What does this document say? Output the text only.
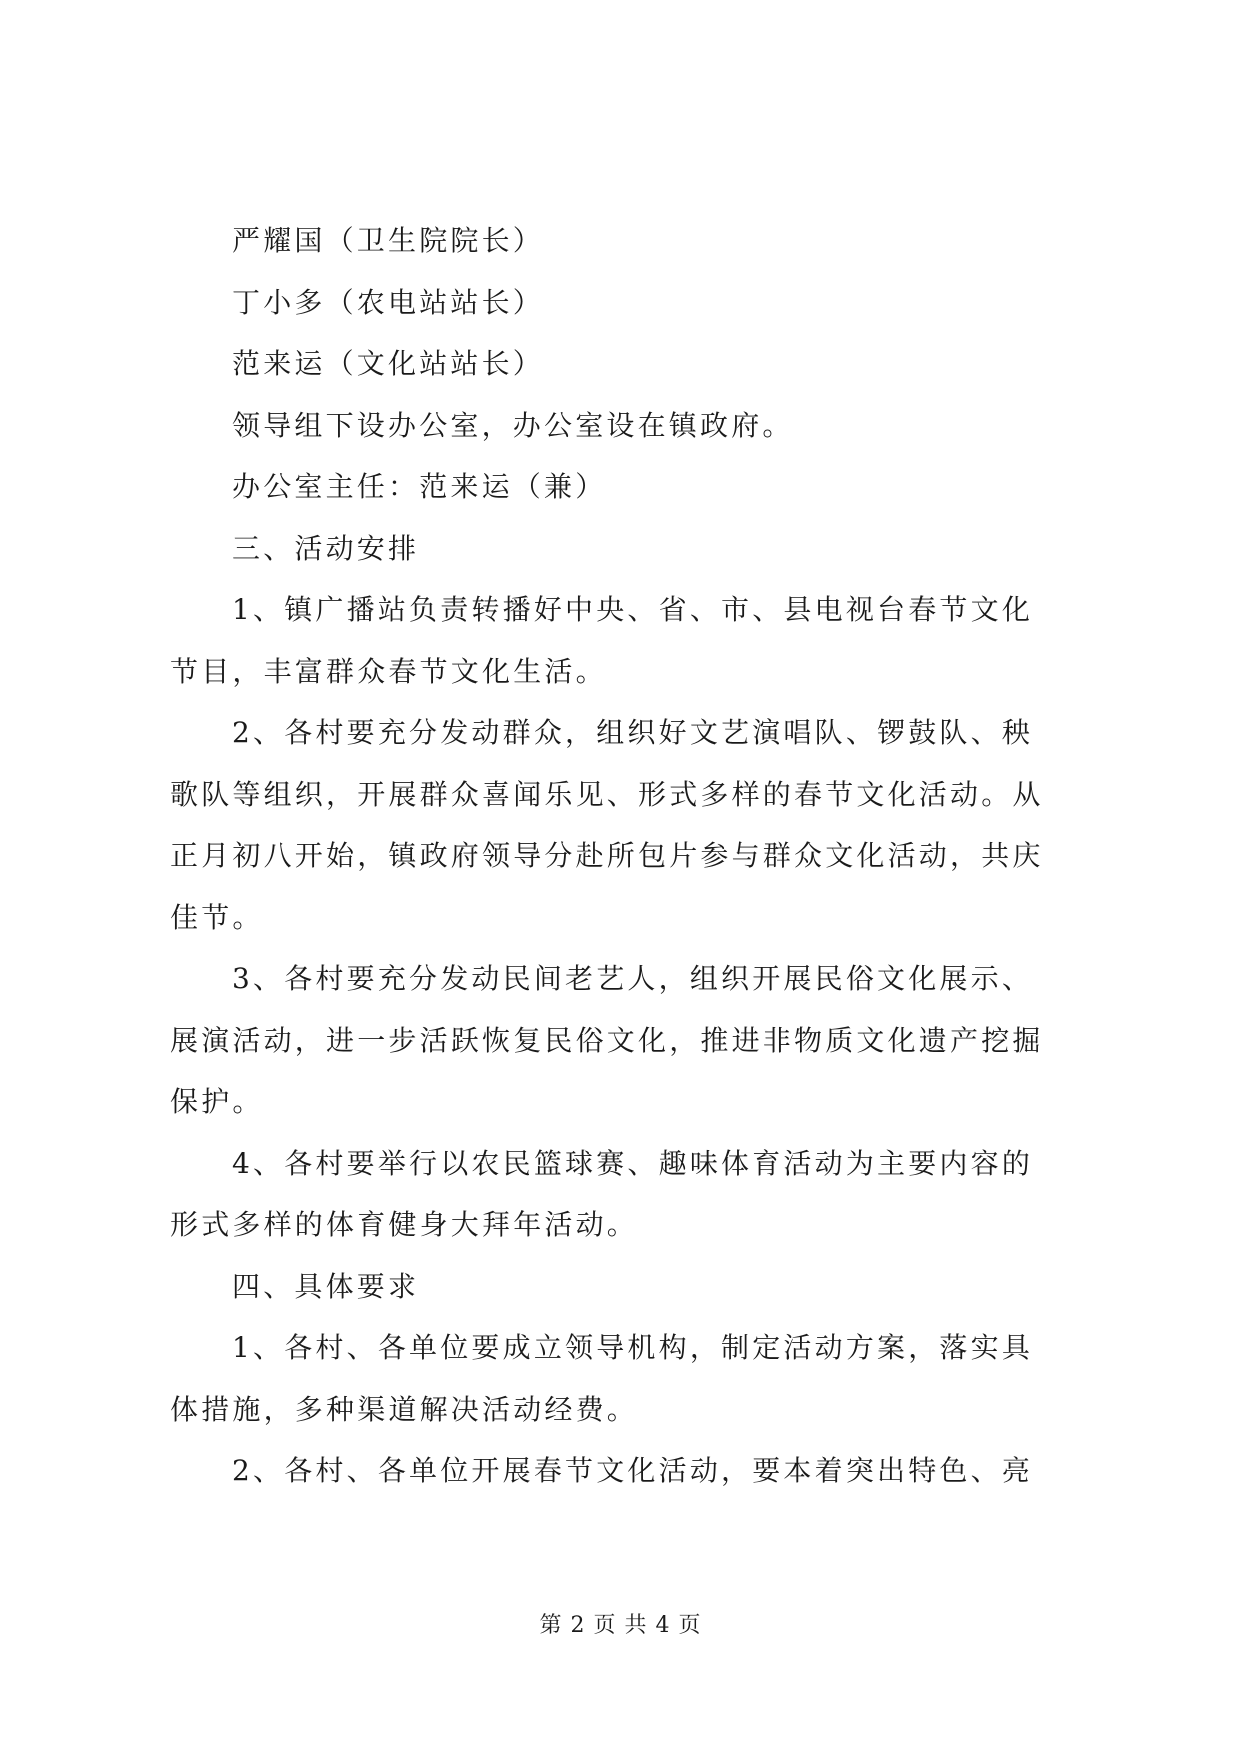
严耀国（卫生院院长）

丁小多（农电站站长）

范来运（文化站站长）

领导组下设办公室，办公室设在镇政府。

办公室主任：范来运（兼）

三、活动安排

1、镇广播站负责转播好中央、省、市、县电视台春节文化

节目，丰富群众春节文化生活。

2、各村要充分发动群众，组织好文艺演唱队、锣鼓队、秧

歌队等组织，开展群众喜闻乐见、形式多样的春节文化活动。从

正月初八开始，镇政府领导分赴所包片参与群众文化活动，共庆

佳节。

3、各村要充分发动民间老艺人，组织开展民俗文化展示、

展演活动，进一步活跃恢复民俗文化，推进非物质文化遗产挖掘

保护。

4、各村要举行以农民篮球赛、趣味体育活动为主要内容的

形式多样的体育健身大拜年活动。

四、具体要求

1、各村、各单位要成立领导机构，制定活动方案，落实具

体措施，多种渠道解决活动经费。

2、各村、各单位开展春节文化活动，要本着突出特色、亮

第 2 页 共 4 页
